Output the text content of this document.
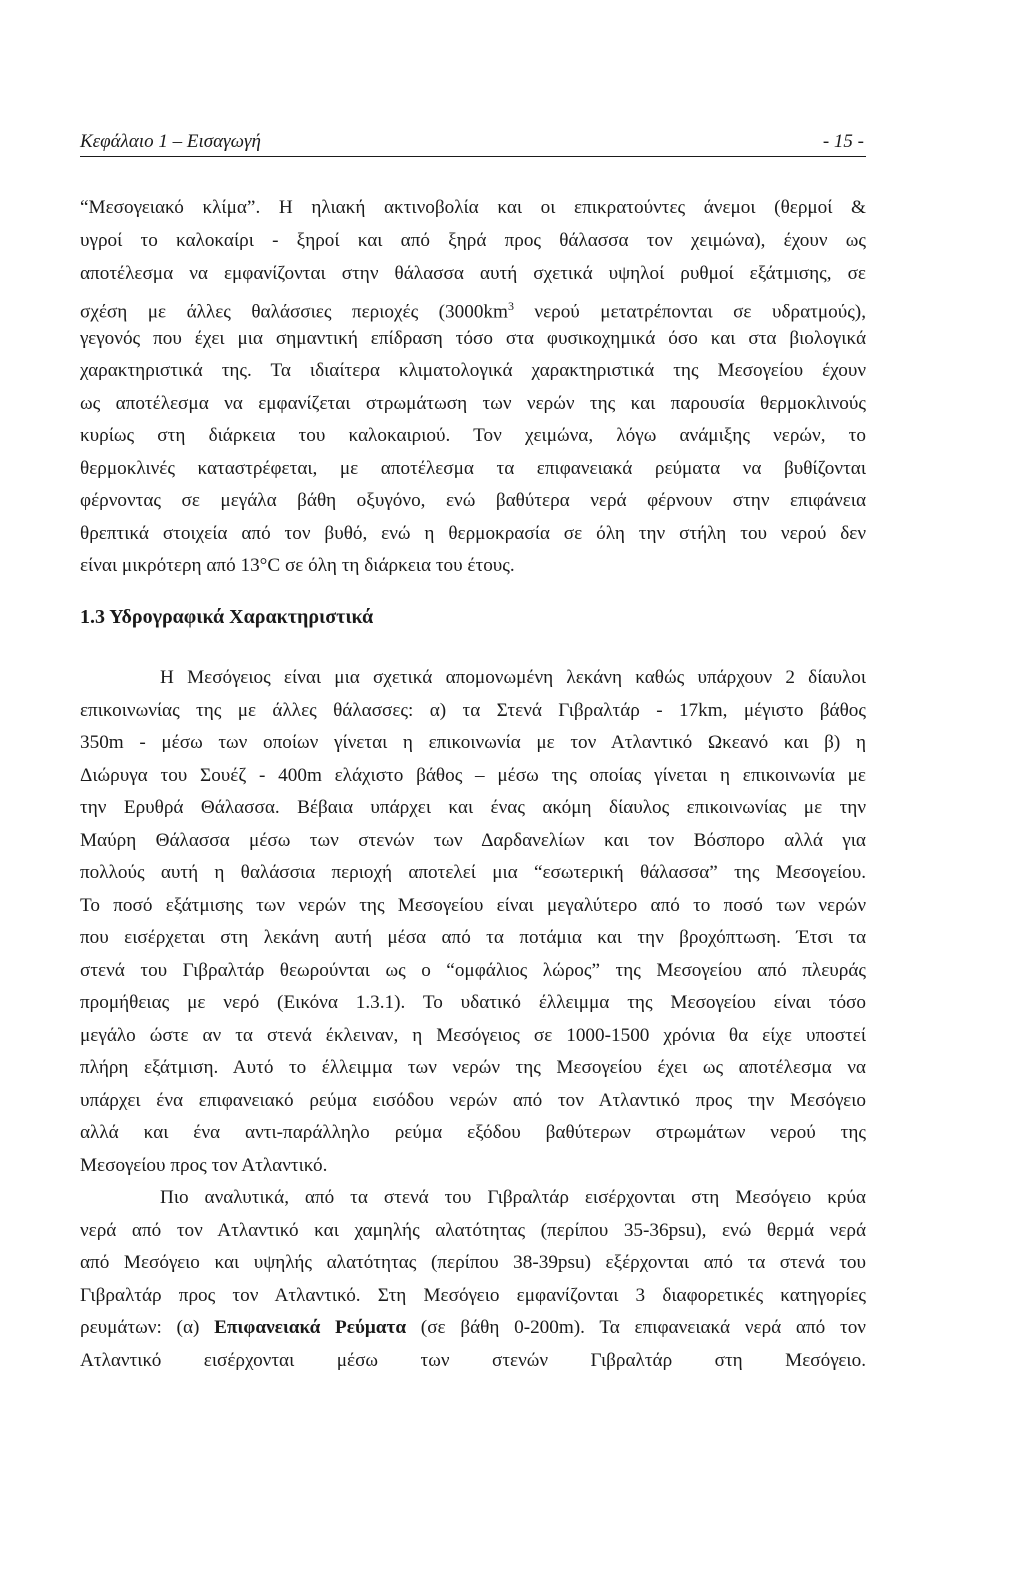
Κεφάλαιο 1 – Εισαγωγή	- 15 -
“Μεσογειακό κλίμα”. Η ηλιακή ακτινοβολία και οι επικρατούντες άνεμοι (θερμοί &
υγροί το καλοκαίρι - ξηροί και από ξηρά προς θάλασσα τον χειμώνα), έχουν ως
αποτέλεσμα να εμφανίζονται στην θάλασσα αυτή σχετικά υψηλοί ρυθμοί εξάτμισης, σε
σχέση με άλλες θαλάσσιες περιοχές ($3000km^3$ νερού μετατρέπονται σε υδρατμούς),
γεγονός που έχει μια σημαντική επίδραση τόσο στα φυσικοχημικά όσο και στα βιολογικά
χαρακτηριστικά της. Τα ιδιαίτερα κλιματολογικά χαρακτηριστικά της Μεσογείου έχουν
ως αποτέλεσμα να εμφανίζεται στρωμάτωση των νερών της και παρουσία θερμοκλινούς
κυρίως στη διάρκεια του καλοκαιριού. Τον χειμώνα, λόγω ανάμιξης νερών, το
θερμοκλινές καταστρέφεται, με αποτέλεσμα τα επιφανειακά ρεύματα να βυθίζονται
φέρνοντας σε μεγάλα βάθη οξυγόνο, ενώ βαθύτερα νερά φέρνουν στην επιφάνεια
θρεπτικά στοιχεία από τον βυθό, ενώ η θερμοκρασία σε όλη την στήλη του νερού δεν
είναι μικρότερη από 13°C σε όλη τη διάρκεια του έτους.
1.3 Υδρογραφικά Χαρακτηριστικά
Η Μεσόγειος είναι μια σχετικά απομονωμένη λεκάνη καθώς υπάρχουν 2 δίαυλοι
επικοινωνίας της με άλλες θάλασσες: α) τα Στενά Γιβραλτάρ - 17km, μέγιστο βάθος
350m - μέσω των οποίων γίνεται η επικοινωνία με τον Ατλαντικό Ωκεανό και β) η
Διώρυγα του Σουέζ - 400m ελάχιστο βάθος – μέσω της οποίας γίνεται η επικοινωνία με
την Ερυθρά Θάλασσα. Βέβαια υπάρχει και ένας ακόμη δίαυλος επικοινωνίας με την
Μαύρη Θάλασσα μέσω των στενών των Δαρδανελίων και τον Βόσπορο αλλά για
πολλούς αυτή η θαλάσσια περιοχή αποτελεί μια “εσωτερική θάλασσα” της Μεσογείου.
Το ποσό εξάτμισης των νερών της Μεσογείου είναι μεγαλύτερο από το ποσό των νερών
που εισέρχεται στη λεκάνη αυτή μέσα από τα ποτάμια και την βροχόπτωση. Έτσι τα
στενά του Γιβραλτάρ θεωρούνται ως ο “ομφάλιος λώρος” της Μεσογείου από πλευράς
προμήθειας με νερό (Εικόνα 1.3.1). Το υδατικό έλλειμμα της Μεσογείου είναι τόσο
μεγάλο ώστε αν τα στενά έκλειναν, η Μεσόγειος σε 1000-1500 χρόνια θα είχε υποστεί
πλήρη εξάτμιση. Αυτό το έλλειμμα των νερών της Μεσογείου έχει ως αποτέλεσμα να
υπάρχει ένα επιφανειακό ρεύμα εισόδου νερών από τον Ατλαντικό προς την Μεσόγειο
αλλά και ένα αντι-παράλληλο ρεύμα εξόδου βαθύτερων στρωμάτων νερού της
Μεσογείου προς τον Ατλαντικό.
Πιο αναλυτικά, από τα στενά του Γιβραλτάρ εισέρχονται στη Μεσόγειο κρύα
νερά από τον Ατλαντικό και χαμηλής αλατότητας (περίπου 35-36psu), ενώ θερμά νερά
από Μεσόγειο και υψηλής αλατότητας (περίπου 38-39psu) εξέρχονται από τα στενά του
Γιβραλτάρ προς τον Ατλαντικό. Στη Μεσόγειο εμφανίζονται 3 διαφορετικές κατηγορίες
ρευμάτων: (α) Επιφανειακά Ρεύματα (σε βάθη 0-200m). Τα επιφανειακά νερά από τον
Ατλαντικό εισέρχονται μέσω των στενών Γιβραλτάρ στη Μεσόγειο.
